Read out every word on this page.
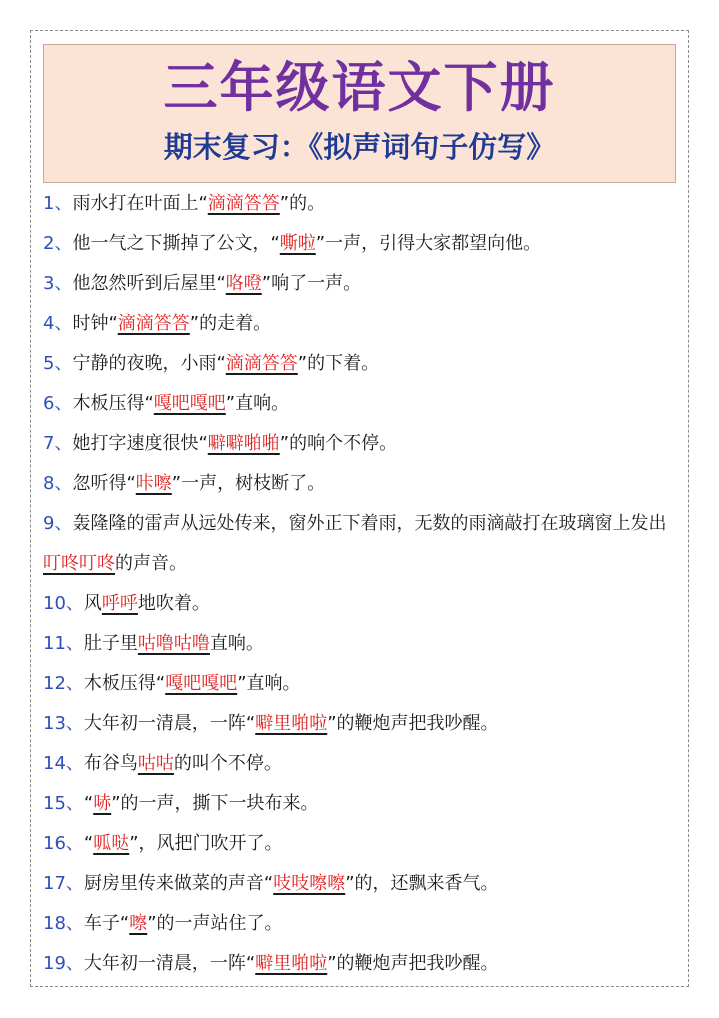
三年级语文下册
期末复习：《拟声词句子仿写》
1、雨水打在叶面上“滴滴答答”的。
2、他一气之下撕掉了公文，“嘶啦”一声，引得大家都望向他。
3、他忽然听到后屋里“咯噔”响了一声。
4、时钟“滴滴答答”的走着。
5、宁静的夜晚，小雨“滴滴答答”的下着。
6、木板压得“嘎吧嘎吧”直响。
7、她打字速度很快“噼噼啪啪”的响个不停。
8、忽听得“咔嚓”一声，树枝断了。
9、轰隆隆的雷声从远处传来，窗外正下着雨，无数的雨滴敲打在玻璃窗上发出叮咚叮咚的声音。
10、风呼呼地吹着。
11、肚子里咕噜咕噜直响。
12、木板压得“嘎吧嘎吧”直响。
13、大年初一清晨，一阵“噼里啪啦”的鞭炮声把我吵醒。
14、布谷鸟咕咕的叫个不停。
15、“哧”的一声，撕下一块布来。
16、“呱哒”，风把门吹开了。
17、厨房里传来做菜的声音“吱吱嚓嚓”的，还飘来香气。
18、车子“嚓”的一声站住了。
19、大年初一清晨，一阵“噼里啪啦”的鞭炮声把我吵醒。
